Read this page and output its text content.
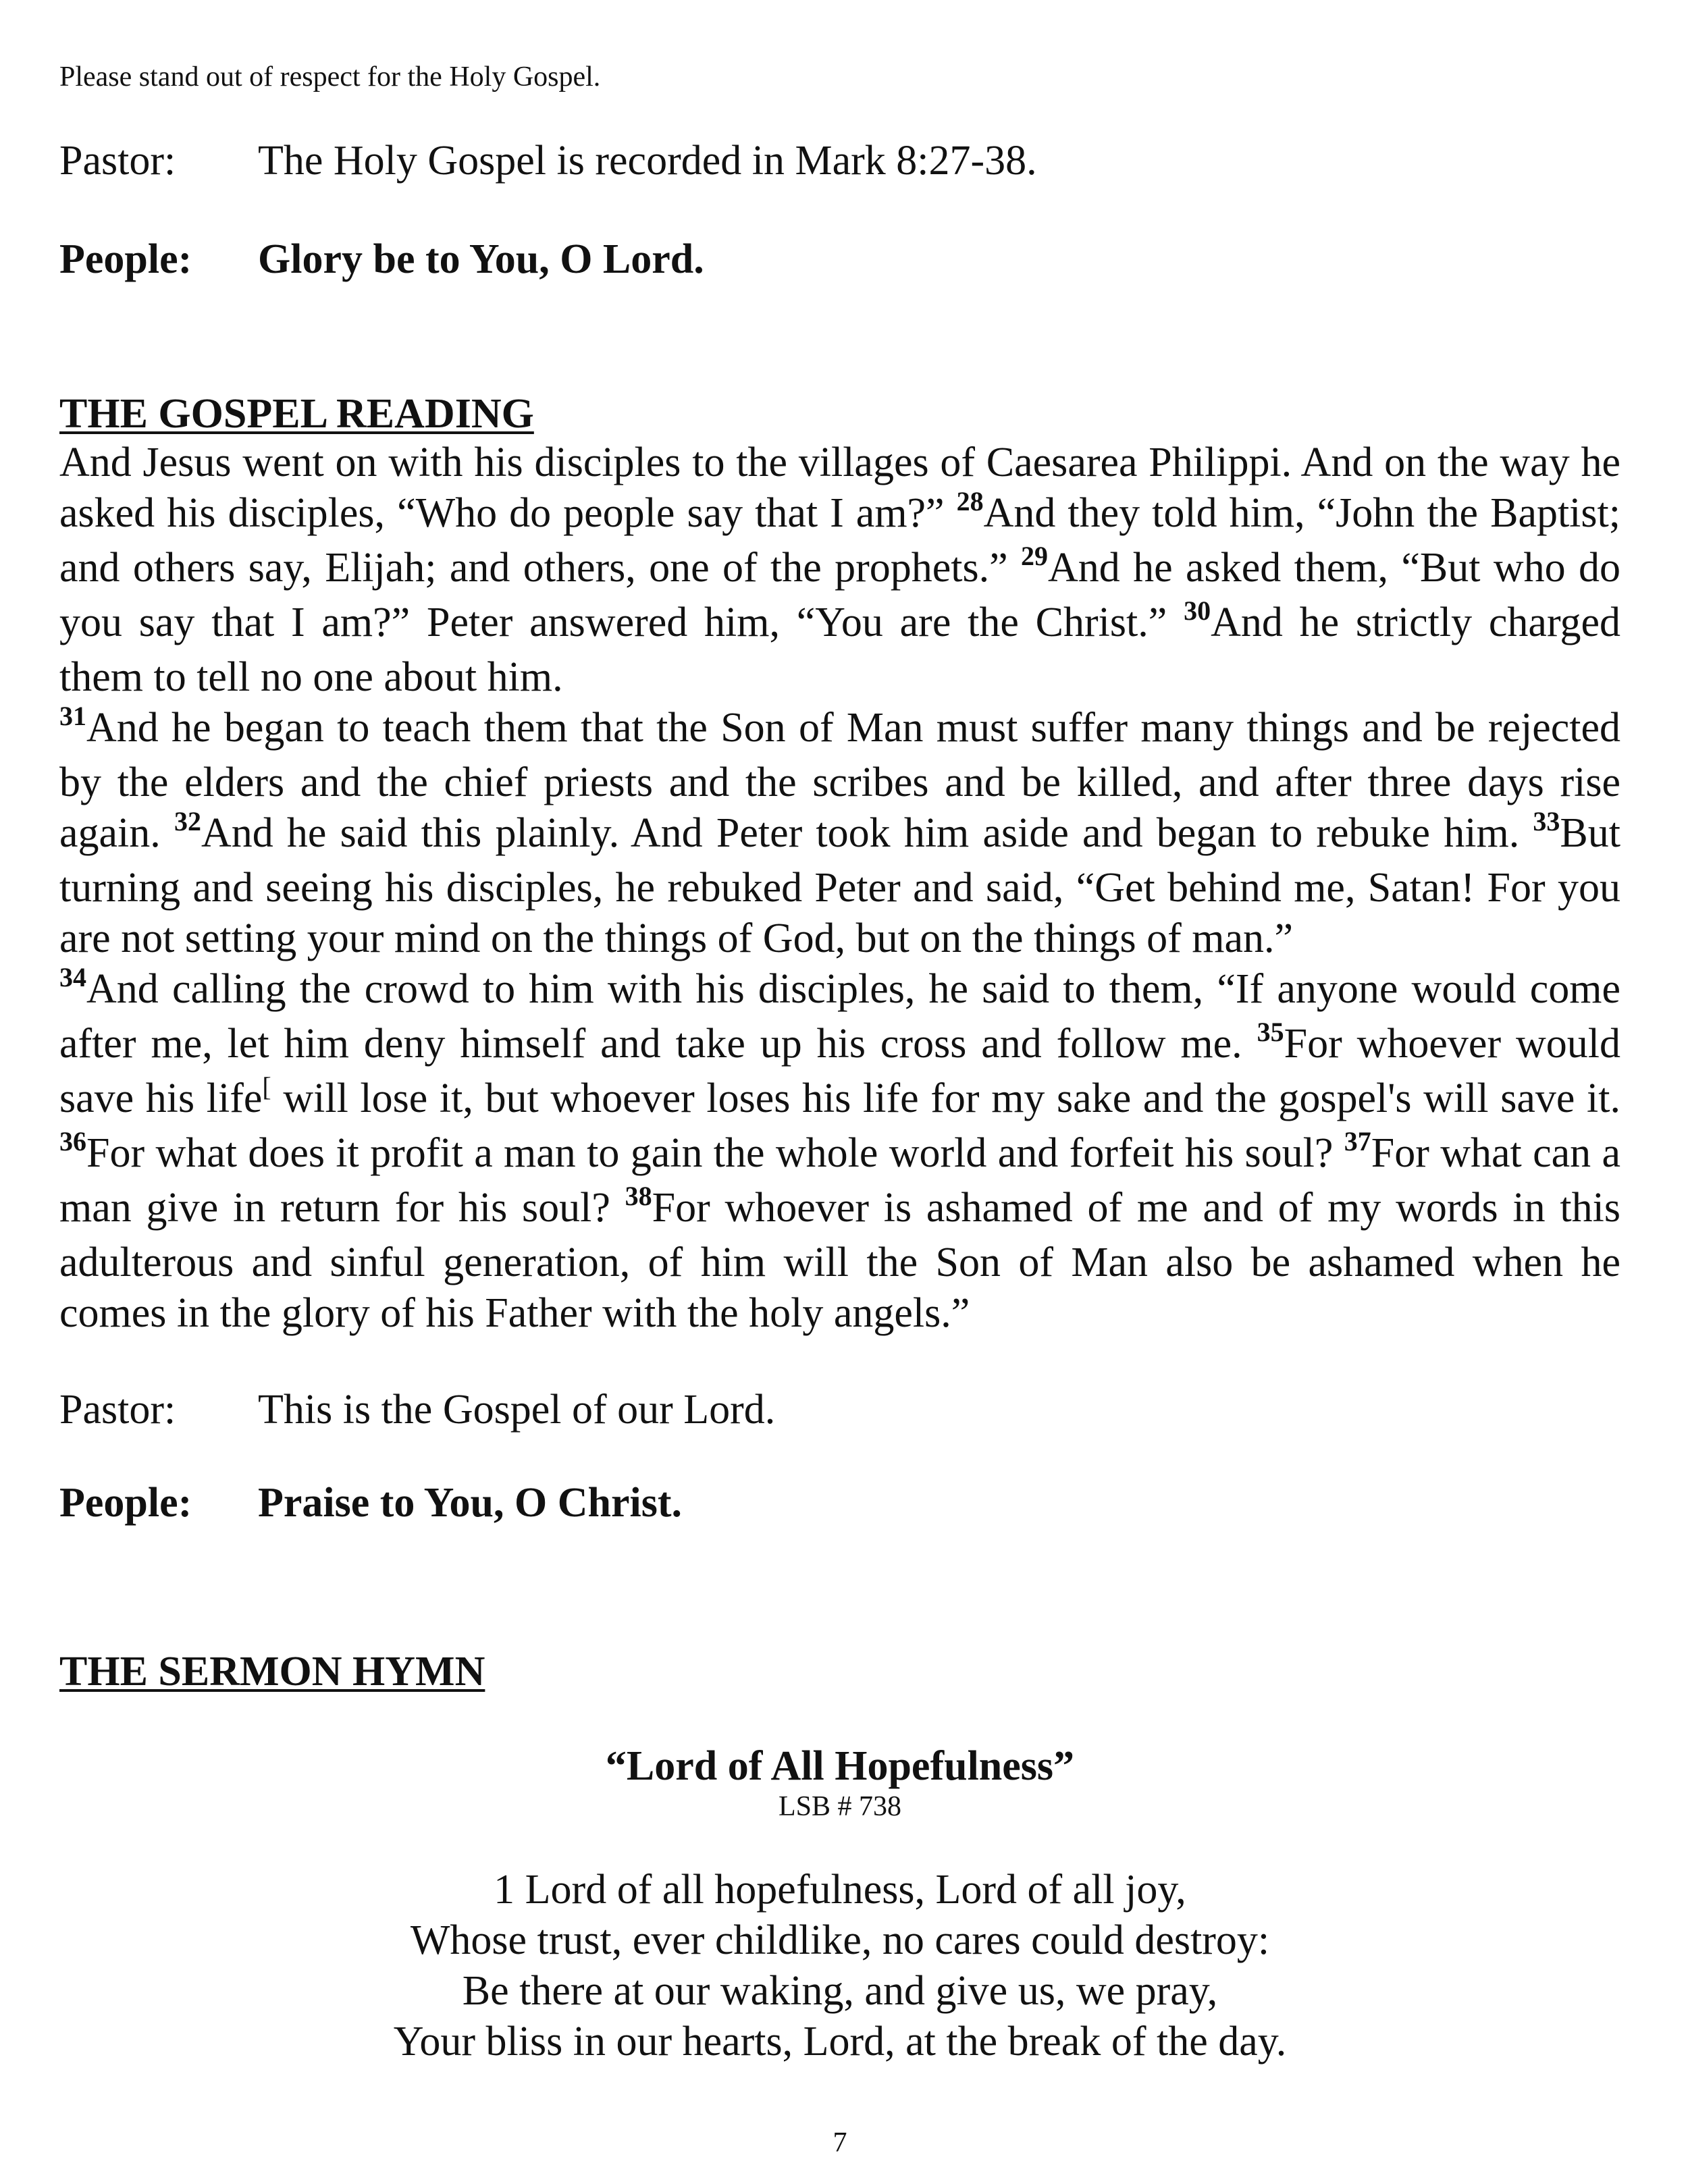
Please stand out of respect for the Holy Gospel.
Pastor: The Holy Gospel is recorded in Mark 8:27-38.
People: Glory be to You, O Lord.
THE GOSPEL READING

And Jesus went on with his disciples to the villages of Caesarea Philippi. And on the way he asked his disciples, “Who do people say that I am?” $^{28}$And they told him, “John the Baptist; and others say, Elijah; and others, one of the prophets.” $^{29}$And he asked them, “But who do you say that I am?” Peter answered him, “You are the Christ.” $^{30}$And he strictly charged them to tell no one about him.

$^{31}$And he began to teach them that the Son of Man must suffer many things and be rejected by the elders and the chief priests and the scribes and be killed, and after three days rise again. $^{32}$And he said this plainly. And Peter took him aside and began to rebuke him. $^{33}$But turning and seeing his disciples, he rebuked Peter and said, “Get behind me, Satan! For you are not setting your mind on the things of God, but on the things of man.”

$^{34}$And calling the crowd to him with his disciples, he said to them, “If anyone would come after me, let him deny himself and take up his cross and follow me. $^{35}$For whoever would save his life[ will lose it, but whoever loses his life for my sake and the gospel's will save it. $^{36}$For what does it profit a man to gain the whole world and forfeit his soul? $^{37}$For what can a man give in return for his soul? $^{38}$For whoever is ashamed of me and of my words in this adulterous and sinful generation, of him will the Son of Man also be ashamed when he comes in the glory of his Father with the holy angels.”

Pastor: This is the Gospel of our Lord.
People: Praise to You, O Christ.
THE SERMON HYMN
“Lord of All Hopefulness”
LSB # 738
1 Lord of all hopefulness, Lord of all joy,
Whose trust, ever childlike, no cares could destroy:
Be there at our waking, and give us, we pray,
Your bliss in our hearts, Lord, at the break of the day.
7
